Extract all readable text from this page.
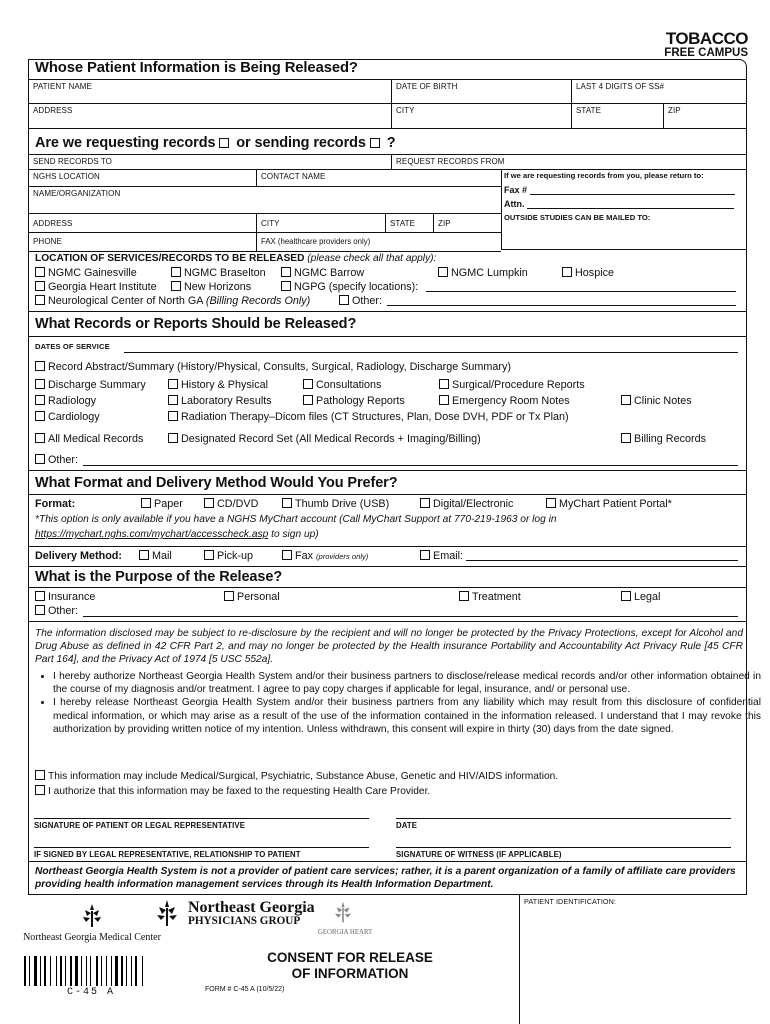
TOBACCO
FREE CAMPUS
Whose Patient Information is Being Released?
PATIENT NAME	DATE OF BIRTH	LAST 4 DIGITS OF SS#
ADDRESS	CITY	STATE	ZIP
Are we requesting records or sending records ?
SEND RECORDS TO	REQUEST RECORDS FROM
NGHS LOCATION	CONTACT NAME
NAME/ORGANIZATION
ADDRESS	CITY	STATE	ZIP
PHONE	FAX (healthcare providers only)
If we are requesting records from you, please return to:
Fax #
Attn.
OUTSIDE STUDIES CAN BE MAILED TO:
LOCATION OF SERVICES/RECORDS TO BE RELEASED (please check all that apply):
NGMC Gainesville	NGMC Braselton	NGMC Barrow	NGMC Lumpkin	Hospice
Georgia Heart Institute	New Horizons	NGPG (specify locations):
Neurological Center of North GA (Billing Records Only)	Other:
What Records or Reports Should be Released?
DATES OF SERVICE
Record Abstract/Summary (History/Physical, Consults, Surgical, Radiology, Discharge Summary)
Discharge Summary	History & Physical	Consultations	Surgical/Procedure Reports
Radiology	Laboratory Results	Pathology Reports	Emergency Room Notes	Clinic Notes
Cardiology	Radiation Therapy–Dicom files (CT Structures, Plan, Dose DVH, PDF or Tx Plan)
All Medical Records	Designated Record Set (All Medical Records + Imaging/Billing)	Billing Records
Other:
What Format and Delivery Method Would You Prefer?
Format:	Paper	CD/DVD	Thumb Drive (USB)	Digital/Electronic	MyChart Patient Portal*
*This option is only available if you have a NGHS MyChart account (Call MyChart Support at 770-219-1963 or log in
https://mychart.nghs.com/mychart/accesscheck.asp to sign up)
Delivery Method:	Mail	Pick-up	Fax (providers only)	Email:
What is the Purpose of the Release?
Insurance	Personal	Treatment	Legal
Other:
The information disclosed may be subject to re-disclosure by the recipient and will no longer be protected by the Privacy Protections, except for Alcohol and Drug Abuse as defined in 42 CFR Part 2, and may no longer be protected by the Health insurance Portability and Accountability Act Privacy Rule [45 CFR Part 164], and the Privacy Act of 1974 [5 USC 552a].
• I hereby authorize Northeast Georgia Health System and/or their business partners to disclose/release medical records and/or other information obtained in the course of my diagnosis and/or treatment. I agree to pay copy charges if applicable for legal, insurance, and/ or personal use.
• I hereby release Northeast Georgia Health System and/or their business partners from any liability which may result from this disclosure of confidential medical information, or which may arise as a result of the use of the information contained in the information released. I understand that I may revoke this authorization by providing written notice of my intention. Unless withdrawn, this consent will expire in thirty (30) days from the date signed.
This information may include Medical/Surgical, Psychiatric, Substance Abuse, Genetic and HIV/AIDS information.
I authorize that this information may be faxed to the requesting Health Care Provider.
SIGNATURE OF PATIENT OR LEGAL REPRESENTATIVE	DATE
IF SIGNED BY LEGAL REPRESENTATIVE, RELATIONSHIP TO PATIENT	SIGNATURE OF WITNESS (IF APPLICABLE)
Northeast Georgia Health System is not a provider of patient care services; rather, it is a parent organization of a family of affiliate care providers providing health information management services through its Health Information Department.
PATIENT IDENTIFICATION:
Northeast Georgia Medical Center
Northeast Georgia
PHYSICIANS GROUP
GEORGIA HEART
CONSENT FOR RELEASE
OF INFORMATION
C-45 A	FORM # C-45 A (10/5/22)
